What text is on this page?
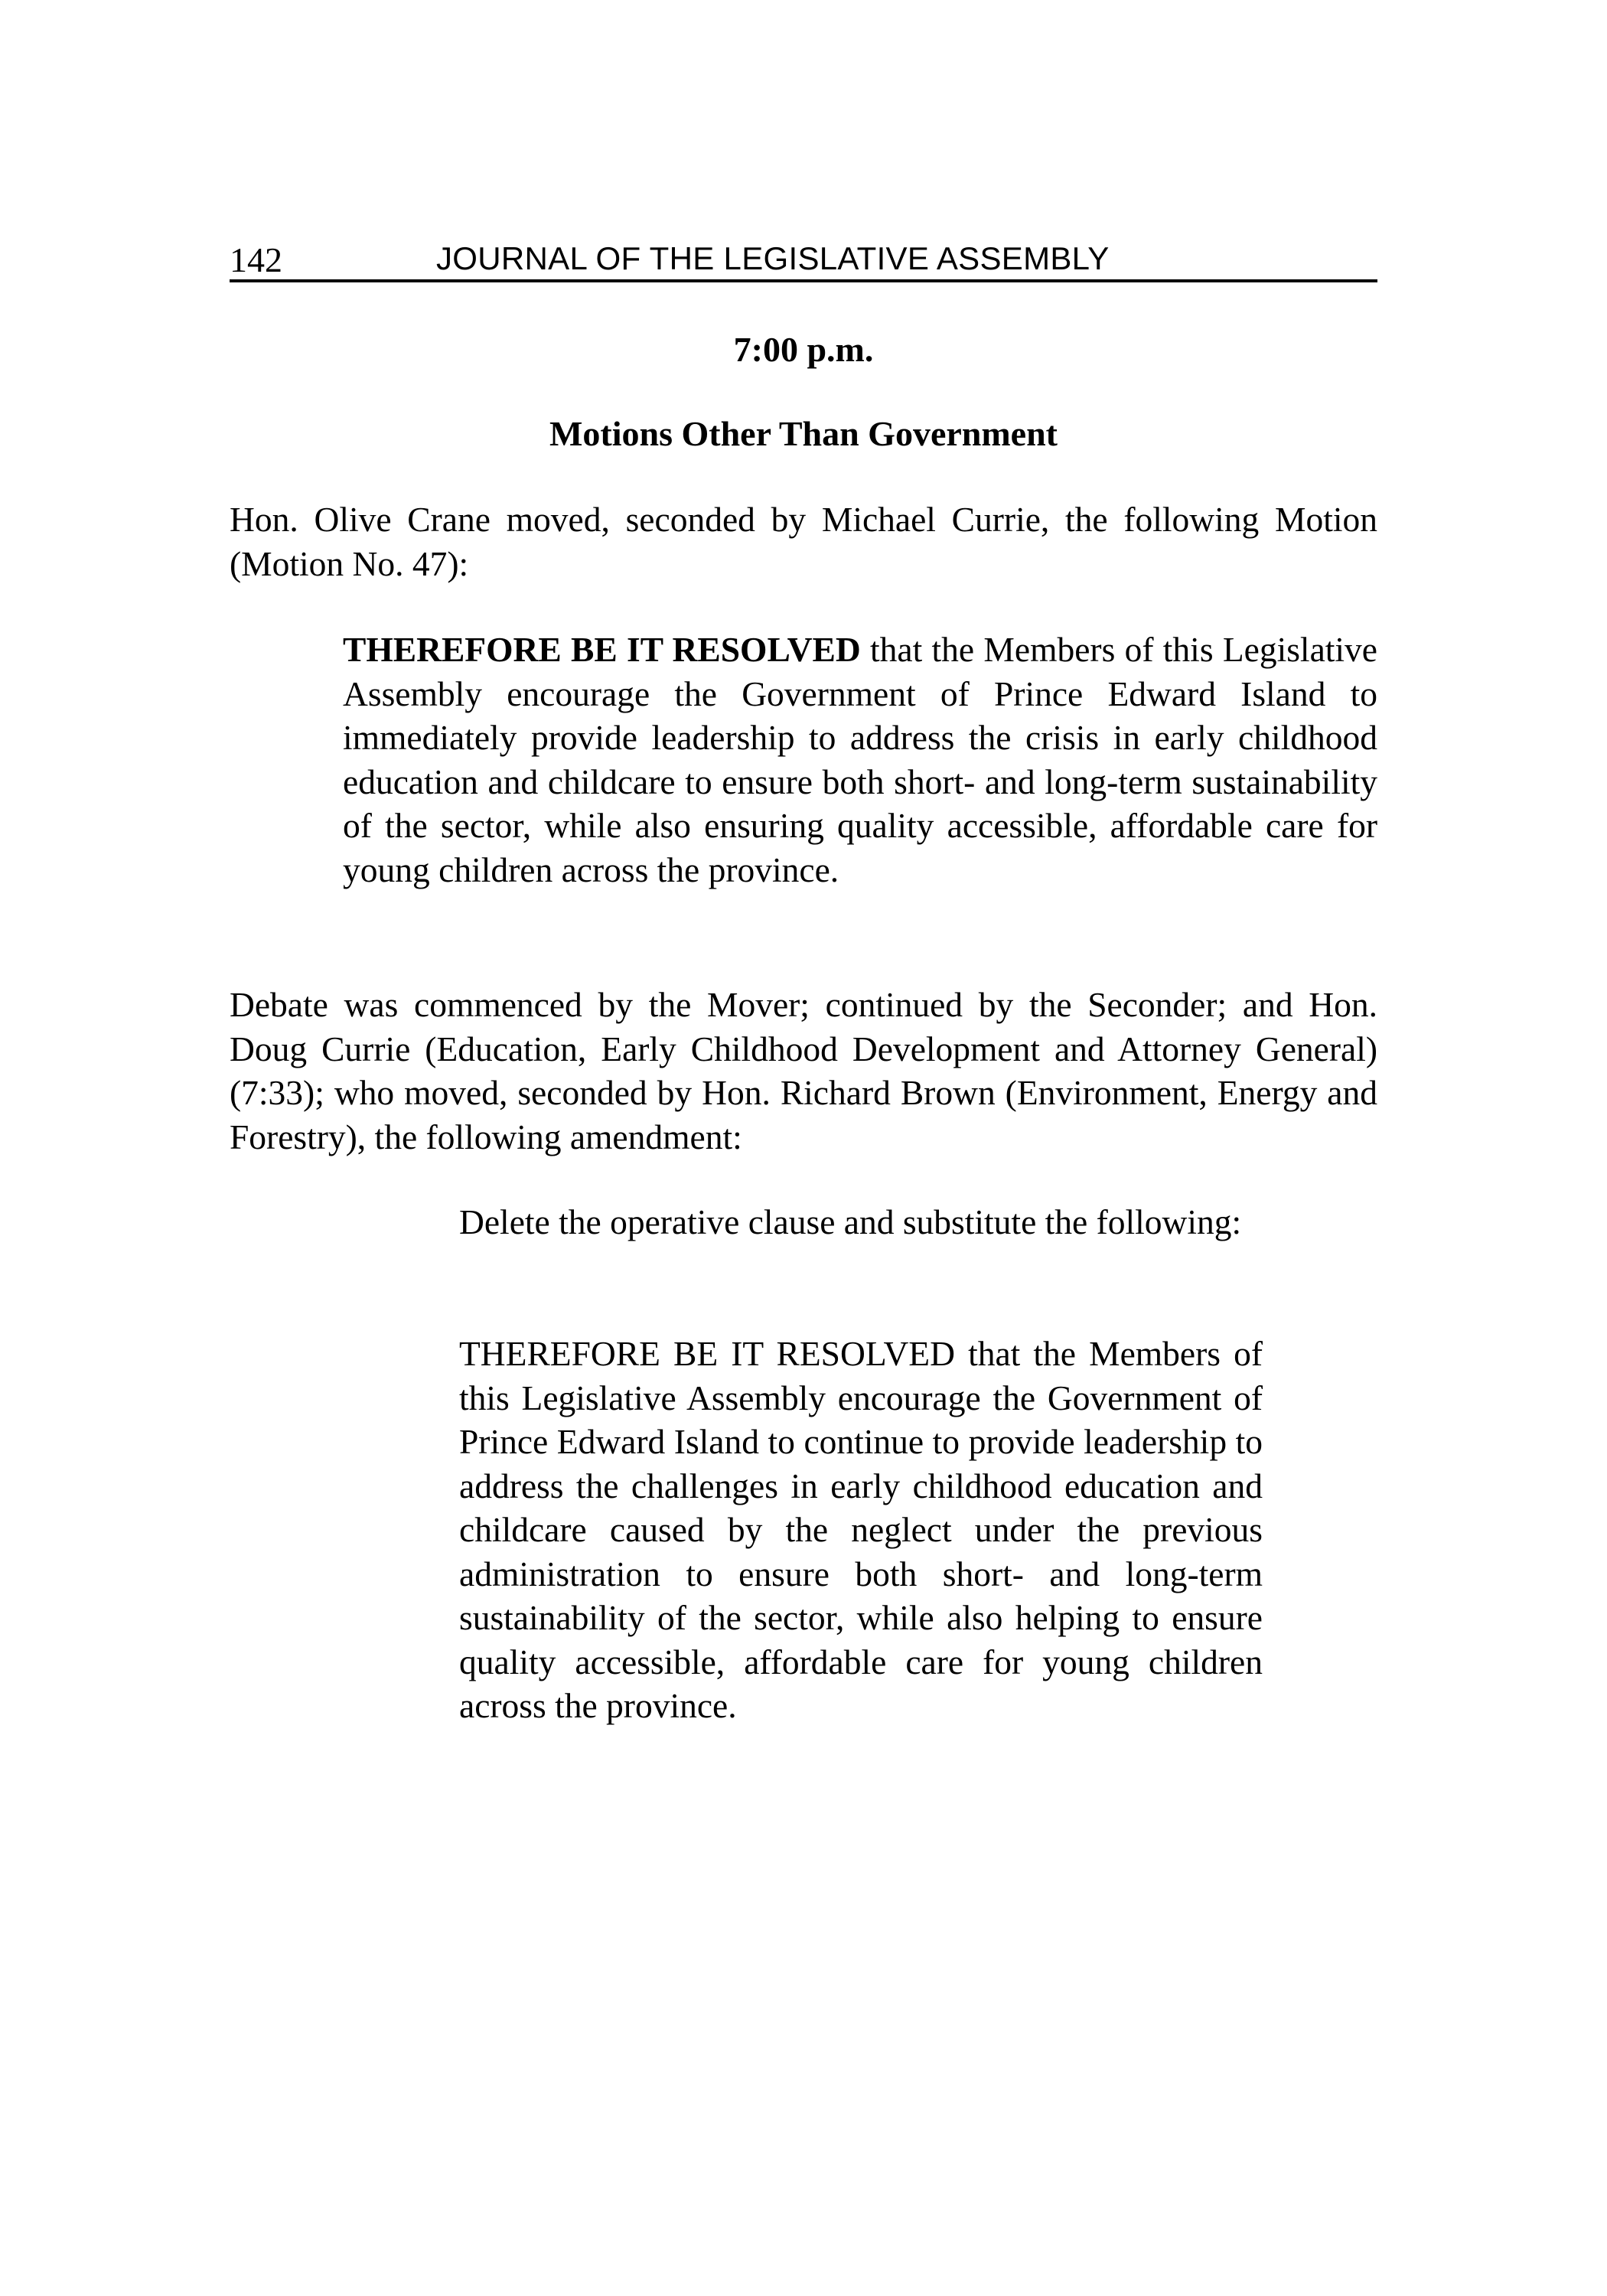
142	JOURNAL OF THE LEGISLATIVE ASSEMBLY
7:00 p.m.
Motions Other Than Government

Hon. Olive Crane moved, seconded by Michael Currie, the following Motion (Motion No. 47):

THEREFORE BE IT RESOLVED that the Members of this Legislative Assembly encourage the Government of Prince Edward Island to immediately provide leadership to address the crisis in early childhood education and childcare to ensure both short- and long-term sustainability of the sector, while also ensuring quality accessible, affordable care for young children across the province.

Debate was commenced by the Mover; continued by the Seconder; and Hon. Doug Currie (Education, Early Childhood Development and Attorney General) (7:33); who moved, seconded by Hon. Richard Brown (Environment, Energy and Forestry), the following amendment:

Delete the operative clause and substitute the following:

THEREFORE BE IT RESOLVED that the Members of this Legislative Assembly encourage the Government of Prince Edward Island to continue to provide leadership to address the challenges in early childhood education and childcare caused by the neglect under the previous administration to ensure both short- and long-term sustainability of the sector, while also helping to ensure quality accessible, affordable care for young children across the province.
